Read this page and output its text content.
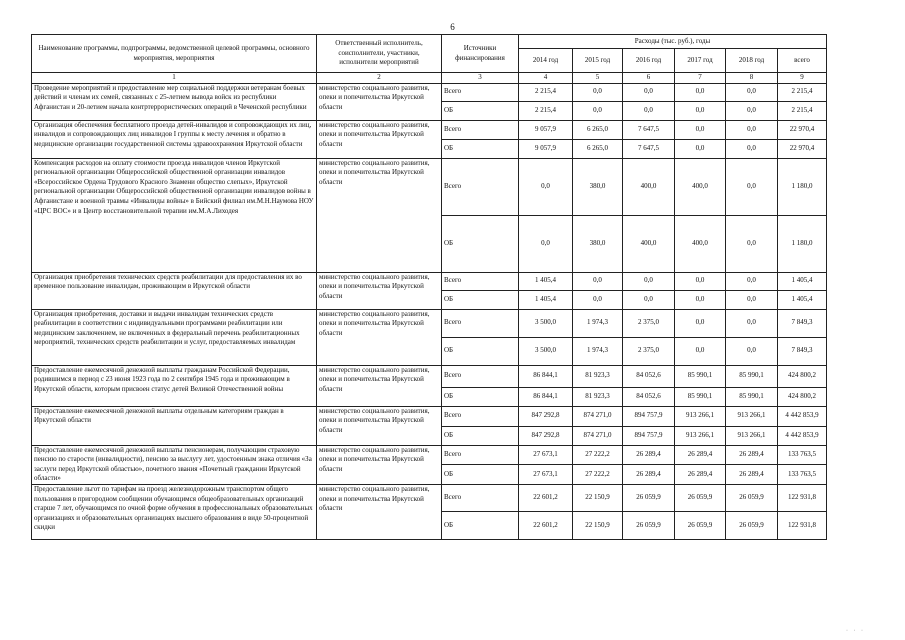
6
Наименование программы, подпрограммы, ведомственной целевой программы, основного мероприятия, мероприятия	Ответственный исполнитель, соисполнители, участники, исполнители мероприятий	Источники финансирования	Расходы (тыс. руб.), годы					
			2014 год	2015 год	2016 год	2017 год	2018 год	всего
1	2	3	4	5	6	7	8	9
Проведение мероприятий и предоставление мер социальной поддержки ветеранам боевых действий и членам их семей, связанных с 25-летием вывода войск из республики Афганистан и 20-летием начала контртеррористических операций в Чеченской республики	министерство социального развития, опеки и попечительства Иркутской области	Всего	2 215,4	0,0	0,0	0,0	0,0	2 215,4
		ОБ	2 215,4	0,0	0,0	0,0	0,0	2 215,4
Организация обеспечения бесплатного проезда детей-инвалидов и сопровождающих их лиц, инвалидов и сопровождающих лиц инвалидов I группы к месту лечения и обратно в медицинские организации государственной системы здравоохранения Иркутской области	министерство социального развития, опеки и попечительства Иркутской области	Всего	9 057,9	6 265,0	7 647,5	0,0	0,0	22 970,4
		ОБ	9 057,9	6 265,0	7 647,5	0,0	0,0	22 970,4
Компенсация расходов на оплату стоимости проезда инвалидов членов Иркутской региональной организации Общероссийской общественной организации инвалидов «Всероссийское Ордена Трудового Красного Знамени общество слепых», Иркутской региональной организации Общероссийской общественной организации инвалидов войны в Афганистане и военной травмы «Инвалиды войны» в Бийский филиал им.М.Н.Наумова НОУ «ЦРС ВОС» и в Центр восстановительной терапии им.М.А.Лиходея	министерство социального развития, опеки и попечительства Иркутской области	Всего	0,0	380,0	400,0	400,0	0,0	1 180,0
		ОБ	0,0	380,0	400,0	400,0	0,0	1 180,0
Организация приобретения технических средств реабилитации для предоставления их во временное пользование инвалидам, проживающим в Иркутской области	министерство социального развития, опеки и попечительства Иркутской области	Всего	1 405,4	0,0	0,0	0,0	0,0	1 405,4
		ОБ	1 405,4	0,0	0,0	0,0	0,0	1 405,4
Организация приобретения, доставки и выдачи инвалидам технических средств реабилитации в соответствии с индивидуальными программами реабилитации или медицинским заключением, не включенных в федеральный перечень реабилитационных мероприятий, технических средств реабилитации и услуг, предоставляемых инвалидам	министерство социального развития, опеки и попечительства Иркутской области	Всего	3 500,0	1 974,3	2 375,0	0,0	0,0	7 849,3
		ОБ	3 500,0	1 974,3	2 375,0	0,0	0,0	7 849,3
Предоставление ежемесячной денежной выплаты гражданам Российской Федерации, родившимся в период с 23 июня 1923 года по 2 сентября 1945 года и проживающим в Иркутской области, которым присвоен статус детей Великой Отечественной войны	министерство социального развития, опеки и попечительства Иркутской области	Всего	86 844,1	81 923,3	84 052,6	85 990,1	85 990,1	424 800,2
		ОБ	86 844,1	81 923,3	84 052,6	85 990,1	85 990,1	424 800,2
Предоставление ежемесячной денежной выплаты отдельным категориям граждан в Иркутской области	министерство социального развития, опеки и попечительства Иркутской области	Всего	847 292,8	874 271,0	894 757,9	913 266,1	913 266,1	4 442 853,9
		ОБ	847 292,8	874 271,0	894 757,9	913 266,1	913 266,1	4 442 853,9
Предоставление ежемесячной денежной выплаты пенсионерам, получающим страховую пенсию по старости (инвалидности), пенсию за выслугу лет, удостоенным знака отличия «За заслуги перед Иркутской областью», почетного звания «Почетный гражданин Иркутской области»	министерство социального развития, опеки и попечительства Иркутской области	Всего	27 673,1	27 222,2	26 289,4	26 289,4	26 289,4	133 763,5
		ОБ	27 673,1	27 222,2	26 289,4	26 289,4	26 289,4	133 763,5
Предоставление льгот по тарифам на проезд железнодорожным транспортом общего пользования в пригородном сообщении обучающимся общеобразовательных организаций старше 7 лет, обучающимся по очной форме обучения в профессиональных образовательных организациях и образовательных организациях высшего образования в виде 50-процентной скидки	министерство социального развития, опеки и попечительства Иркутской области	Всего	22 601,2	22 150,9	26 059,9	26 059,9	26 059,9	122 931,8
		ОБ	22 601,2	22 150,9	26 059,9	26 059,9	26 059,9	122 931,8
· · ·
